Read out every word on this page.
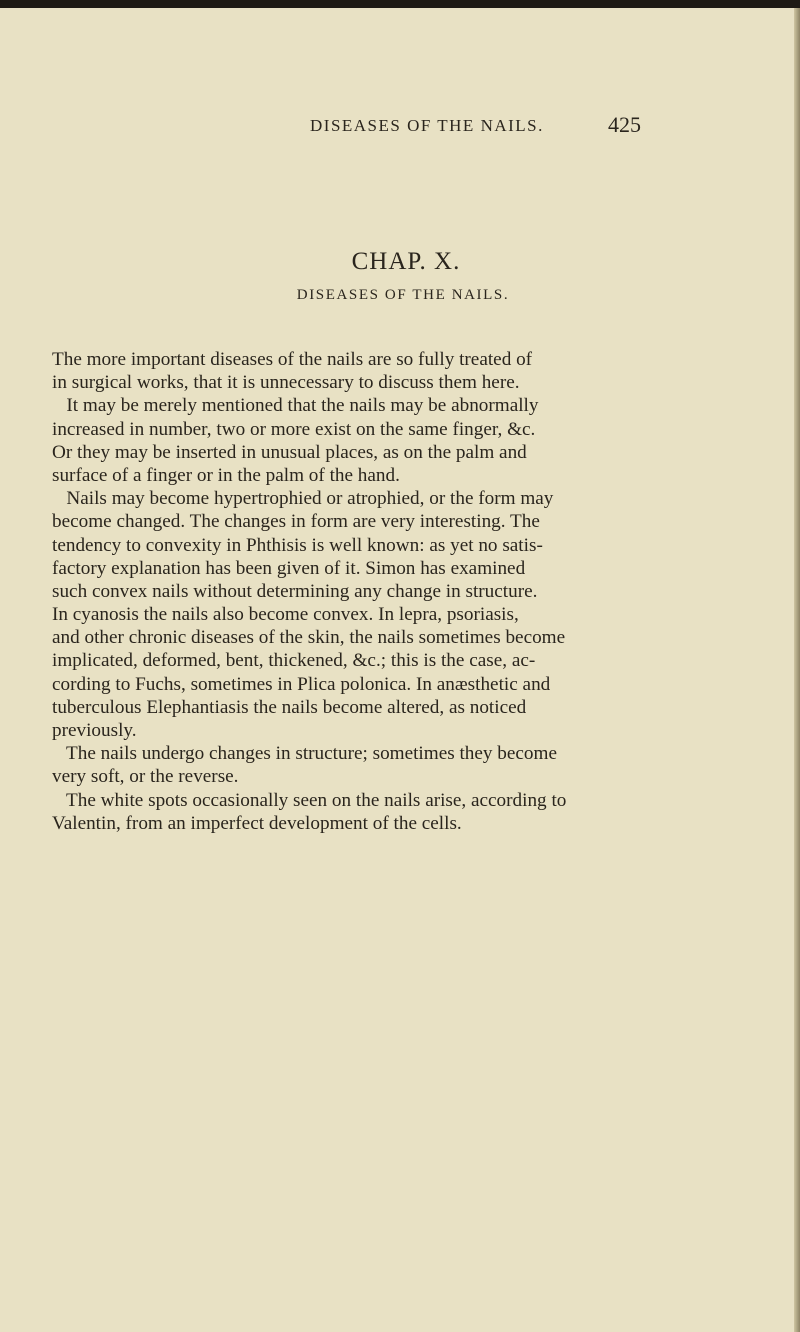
DISEASES OF THE NAILS.	425
CHAP. X.
DISEASES OF THE NAILS.
The more important diseases of the nails are so fully treated of
in surgical works, that it is unnecessary to discuss them here.
It may be merely mentioned that the nails may be abnormally
increased in number, two or more exist on the same finger, &c.
Or they may be inserted in unusual places, as on the palm and
surface of a finger or in the palm of the hand.
Nails may become hypertrophied or atrophied, or the form may
become changed. The changes in form are very interesting. The
tendency to convexity in Phthisis is well known: as yet no satis-
factory explanation has been given of it. Simon has examined
such convex nails without determining any change in structure.
In cyanosis the nails also become convex. In lepra, psoriasis,
and other chronic diseases of the skin, the nails sometimes become
implicated, deformed, bent, thickened, &c.; this is the case, ac-
cording to Fuchs, sometimes in Plica polonica. In anæsthetic and
tuberculous Elephantiasis the nails become altered, as noticed
previously.
The nails undergo changes in structure; sometimes they become
very soft, or the reverse.
The white spots occasionally seen on the nails arise, according to
Valentin, from an imperfect development of the cells.
